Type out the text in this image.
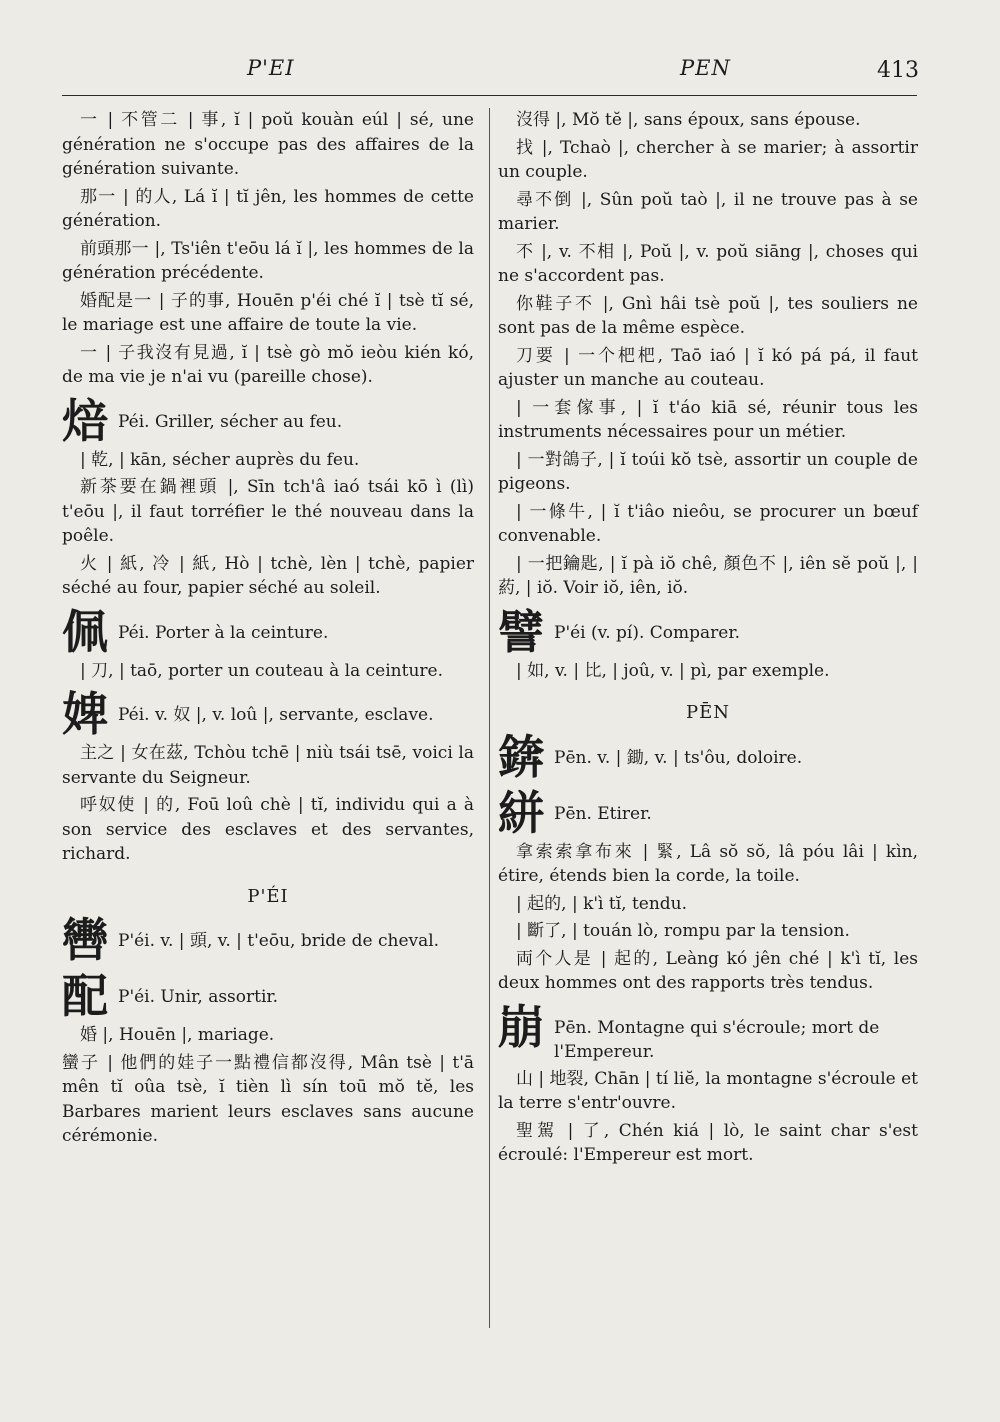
P'EI	PEN	413

一 | 不管二 | 事, ĭ | poŭ kouàn eúl | sé, une génération ne s'occupe pas des affaires de la génération suivante.

那一 | 的人, Lá ĭ | tĭ jên, les hommes de cette génération.

前頭那一 |, Ts'iên t'eōu lá ĭ |, les hommes de la génération précédente.

婚配是一 | 子的事, Houēn p'éi ché ĭ | tsè tĭ sé, le mariage est une affaire de toute la vie.

一 | 子我沒有見過, ĭ | tsè gò mŏ ieòu kién kó, de ma vie je n'ai vu (pareille chose).

焙 Péi. Griller, sécher au feu.

| 乾, | kān, sécher auprès du feu.

新茶要在鍋裡頭 |, Sīn tch'â iaó tsái kō ì (lì) t'eōu |, il faut torréfier le thé nouveau dans la poêle.

火 | 紙, 冷 | 紙, Hò | tchè, lèn | tchè, papier séché au four, papier séché au soleil.

佩 Péi. Porter à la ceinture.

| 刀, | taō, porter un couteau à la ceinture.

婢 Péi. v. 奴 |, v. loû |, servante, esclave.

主之 | 女在茲, Tchòu tchē | niù tsái tsē, voici la servante du Seigneur.

呼奴使 | 的, Foū loû chè | tĭ, individu qui a à son service des esclaves et des servantes, richard.

P'ÉI
轡 P'éi. v. | 頭, v. | t'eōu, bride de cheval.
配 P'éi. Unir, assortir.

婚 |, Houēn |, mariage.

蠻子 | 他們的娃子一點禮信都沒得, Mân tsè | t'ā mên tĭ oûa tsè, ĭ tièn lì sín toū mŏ tĕ, les Barbares marient leurs esclaves sans aucune cérémonie.

沒得 |, Mŏ tĕ |, sans époux, sans épouse.

找 |, Tchaò |, chercher à se marier; à assortir un couple.

尋不倒 |, Sûn poŭ taò |, il ne trouve pas à se marier.

不 |, v. 不相 |, Poŭ |, v. poŭ siāng |, choses qui ne s'accordent pas.

你鞋子不 |, Gnì hâi tsè poŭ |, tes souliers ne sont pas de la même espèce.

刀要 | 一个杷杷, Taō iaó | ĭ kó pá pá, il faut ajuster un manche au couteau.

| 一套傢事, | ĭ t'áo kiā sé, réunir tous les instruments nécessaires pour un métier.

| 一對鴿子, | ĭ toúi kŏ tsè, assortir un couple de pigeons.

| 一條牛, | ĭ t'iâo nieôu, se procurer un bœuf convenable.

| 一把鑰匙, | ĭ pà iŏ chê, 顏色不 |, iên sĕ poŭ |, | 葯, | iŏ. Voir iŏ, iên, iŏ.

譬 P'éi (v. pí). Comparer.

| 如, v. | 比, | joû, v. | pì, par exemple.

PĒN
錛 Pēn. v. | 鋤, v. | ts'ôu, doloire.
絣 Pēn. Etirer.

拿索索拿布來 | 緊, Lâ sŏ sŏ, lâ póu lâi | kìn, étire, étends bien la corde, la toile.

| 起的, | k'ì tĭ, tendu.

| 斷了, | touán lò, rompu par la tension.

両个人是 | 起的, Leàng kó jên ché | k'ì tĭ, les deux hommes ont des rapports très tendus.

崩 Pēn. Montagne qui s'écroule; mort de l'Empereur.

山 | 地裂, Chān | tí liĕ, la montagne s'écroule et la terre s'entr'ouvre.

聖駕 | 了, Chén kiá | lò, le saint char s'est écroulé: l'Empereur est mort.
